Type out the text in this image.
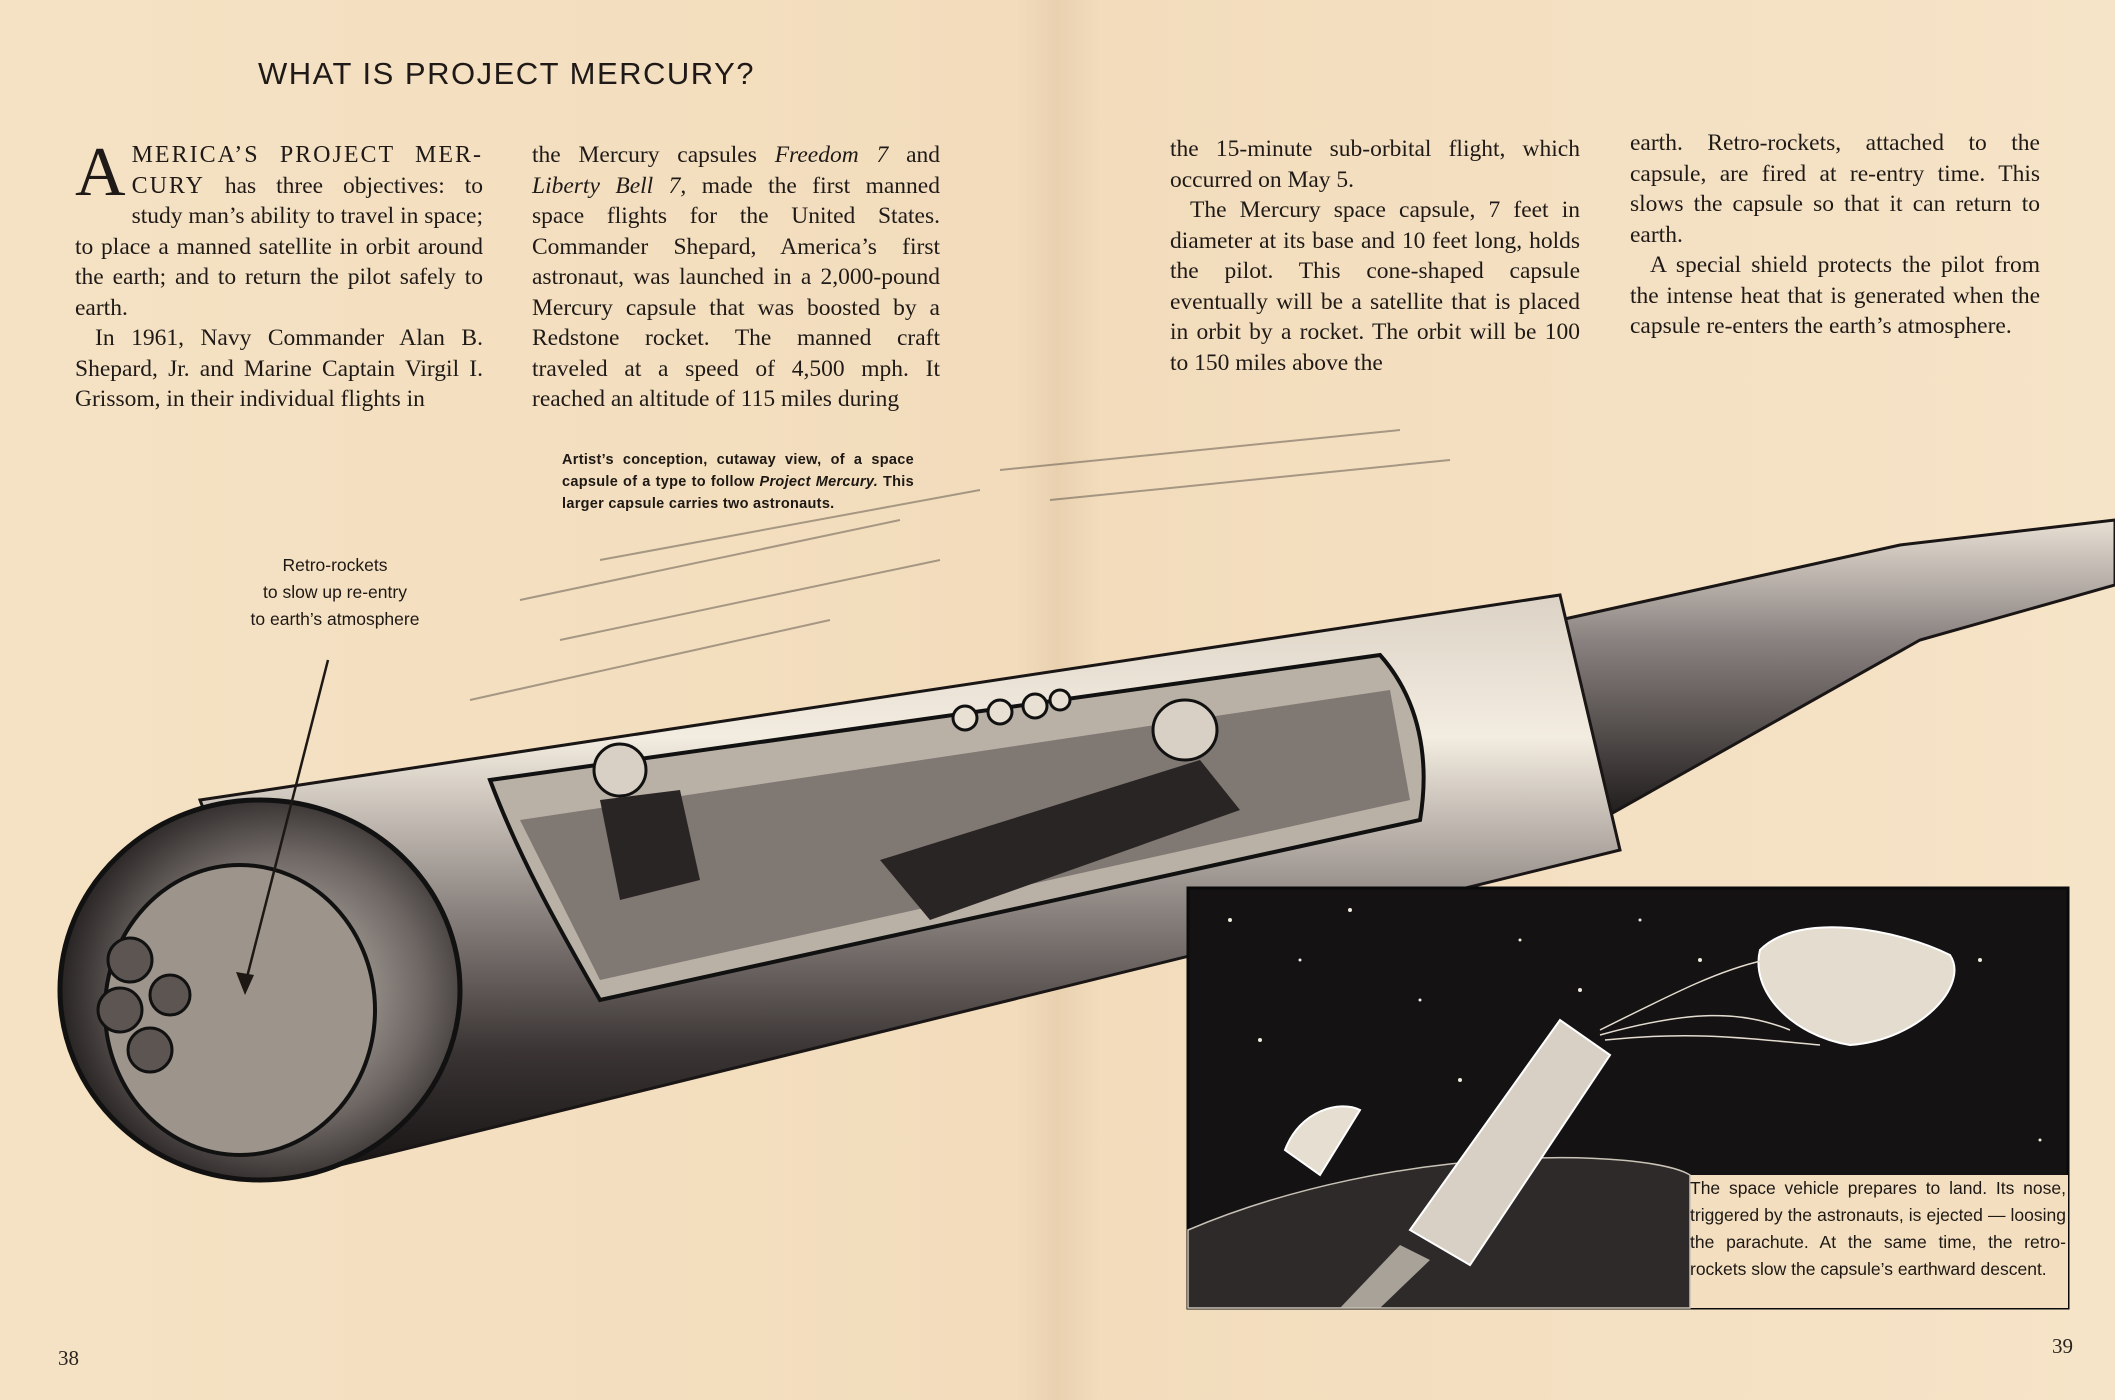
WHAT IS PROJECT MERCURY?

AMERICA’S PROJECT MER- CURY has three objectives: to study man’s ability to travel in space; to place a manned satellite in orbit around the earth; and to return the pilot safely to earth.

In 1961, Navy Commander Alan B. Shepard, Jr. and Marine Captain Virgil I. Grissom, in their individual flights in

the Mercury capsules Freedom 7 and Liberty Bell 7, made the first manned space flights for the United States. Commander Shepard, America’s first astronaut, was launched in a 2,000-pound Mercury capsule that was boosted by a Redstone rocket. The manned craft traveled at a speed of 4,500 mph. It reached an altitude of 115 miles during

the 15-minute sub-orbital flight, which occurred on May 5.

The Mercury space capsule, 7 feet in diameter at its base and 10 feet long, holds the pilot. This cone-shaped capsule eventually will be a satellite that is placed in orbit by a rocket. The orbit will be 100 to 150 miles above the

earth. Retro-rockets, attached to the capsule, are fired at re-entry time. This slows the capsule so that it can return to earth.

A special shield protects the pilot from the intense heat that is generated when the capsule re-enters the earth’s atmosphere.

Artist’s conception, cutaway view, of a space capsule of a type to follow Project Mercury. This larger capsule carries two astronauts.
Retro-rockets
to slow up re-entry
to earth’s atmosphere
The space vehicle prepares to land. Its nose, triggered by the astronauts, is ejected — loosing the parachute. At the same time, the retro-rockets slow the capsule’s earthward descent.
38	39
